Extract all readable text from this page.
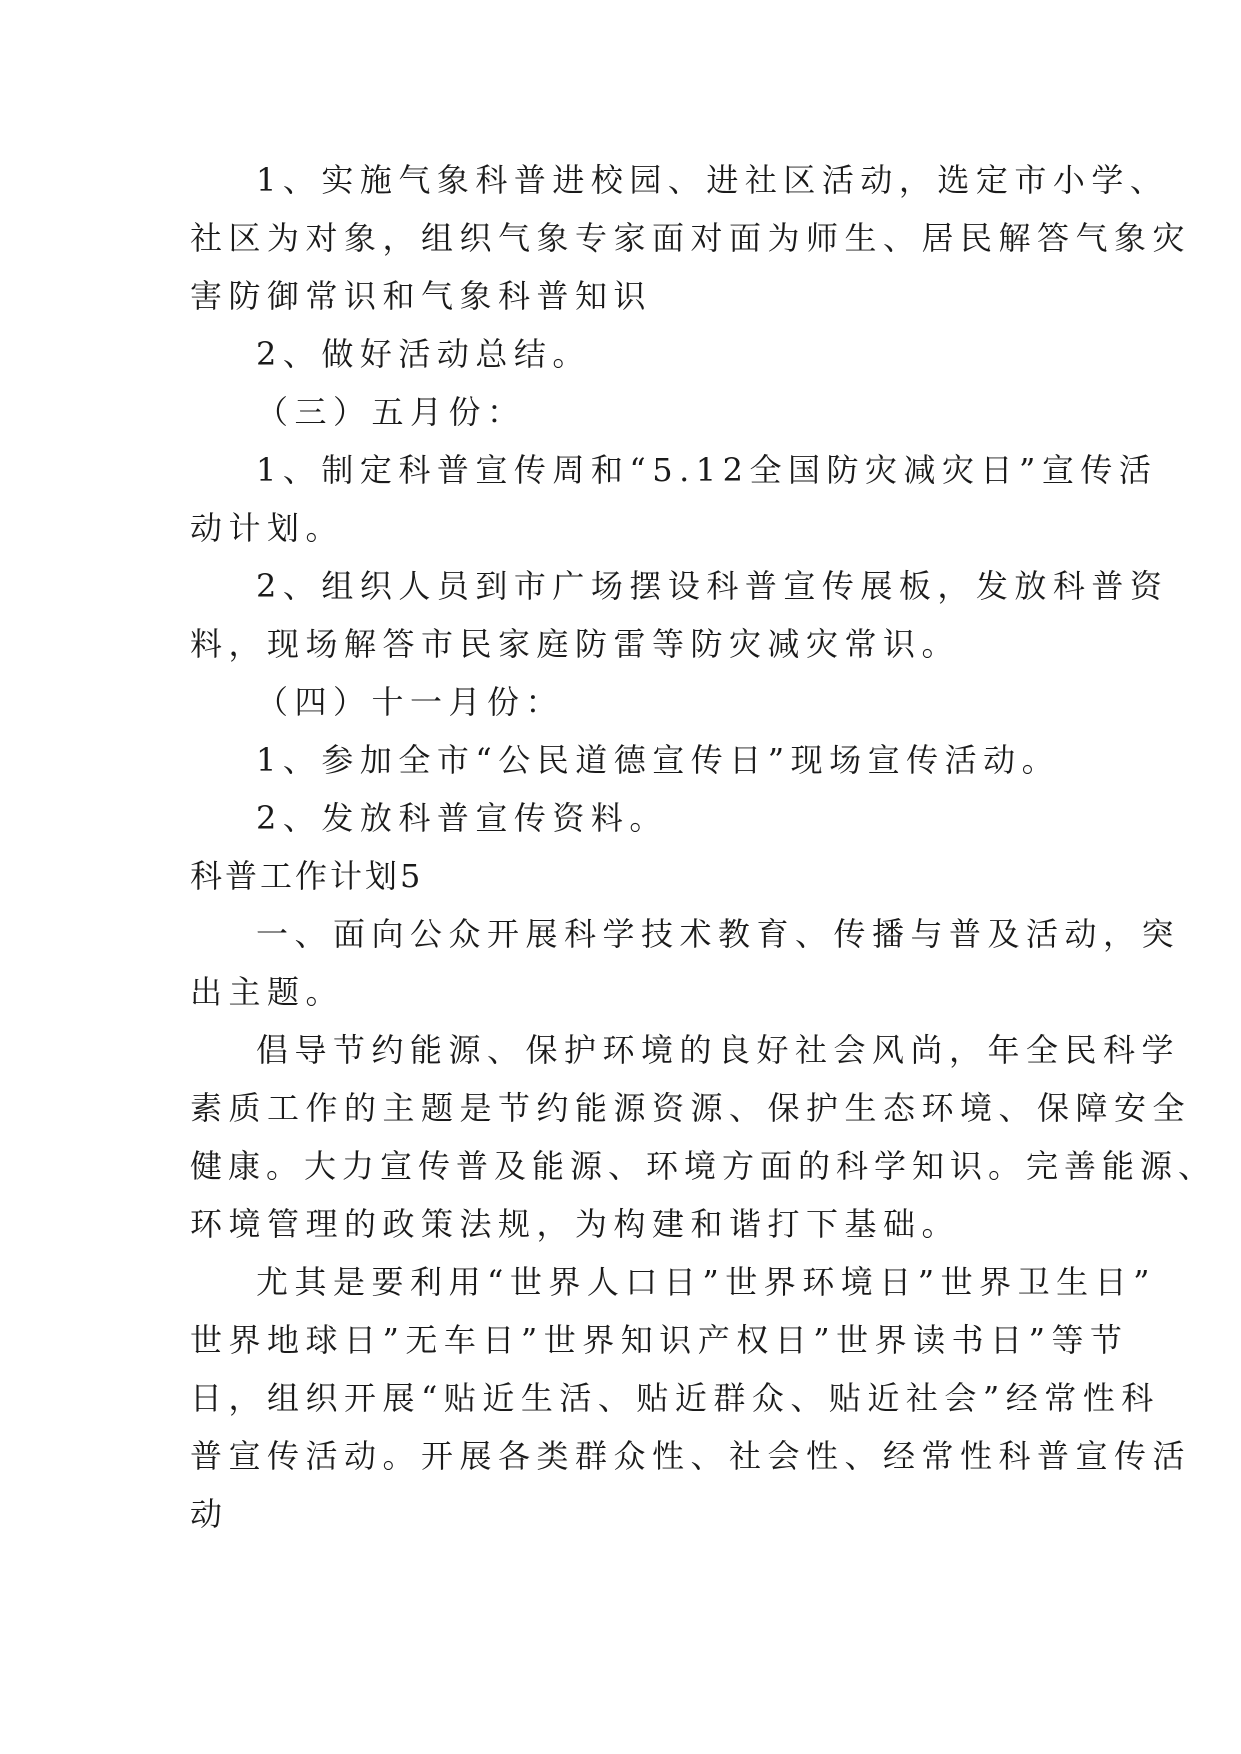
1、实施气象科普进校园、进社区活动，选定市小学、
社区为对象，组织气象专家面对面为师生、居民解答气象灾
害防御常识和气象科普知识
2、做好活动总结。
（三）五月份：
1、制定科普宣传周和“5.12全国防灾减灾日”宣传活
动计划。
2、组织人员到市广场摆设科普宣传展板，发放科普资
料，现场解答市民家庭防雷等防灾减灾常识。
（四）十一月份：
1、参加全市“公民道德宣传日”现场宣传活动。
2、发放科普宣传资料。
科普工作计划5
一、面向公众开展科学技术教育、传播与普及活动，突
出主题。
倡导节约能源、保护环境的良好社会风尚，年全民科学
素质工作的主题是节约能源资源、保护生态环境、保障安全
健康。大力宣传普及能源、环境方面的科学知识。完善能源、
环境管理的政策法规，为构建和谐打下基础。
尤其是要利用“世界人口日”世界环境日”世界卫生日”
世界地球日”无车日”世界知识产权日”世界读书日”等节
日，组织开展“贴近生活、贴近群众、贴近社会”经常性科
普宣传活动。开展各类群众性、社会性、经常性科普宣传活
动
